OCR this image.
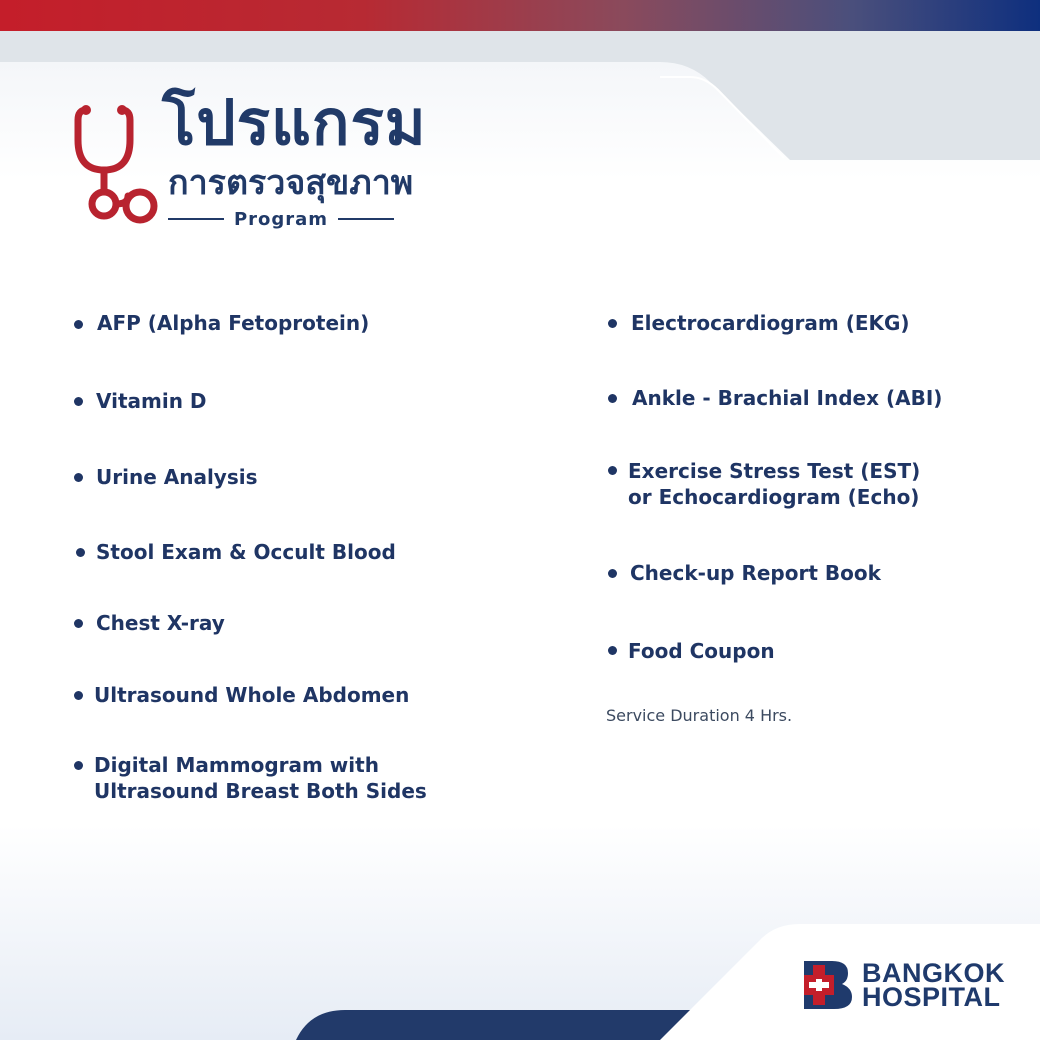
โปรแกรม
การตรวจสุขภาพ
Program
AFP (Alpha Fetoprotein)
Vitamin D
Urine Analysis
Stool Exam & Occult Blood
Chest X-ray
Ultrasound Whole Abdomen
Digital Mammogram with
Ultrasound Breast Both Sides
Electrocardiogram (EKG)
Ankle - Brachial Index (ABI)
Exercise Stress Test (EST)
or Echocardiogram (Echo)
Check-up Report Book
Food Coupon
Service Duration 4 Hrs.
BANGKOK
HOSPITAL
